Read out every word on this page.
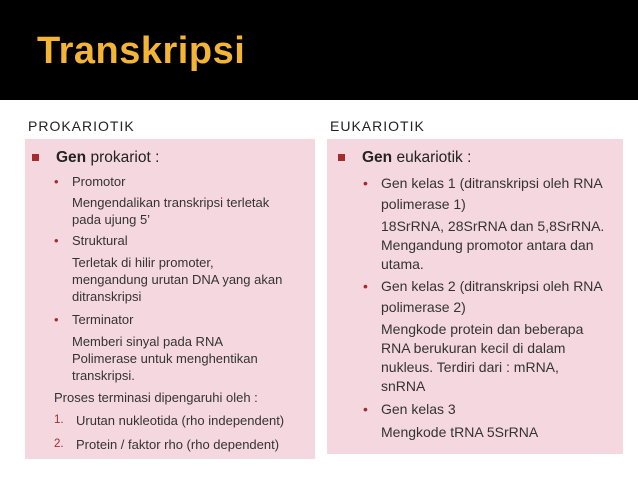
Transkripsi
PROKARIOTIK	EUKARIOTIK
Gen prokariot :
• Promotor
Mengendalikan transkripsi terletak
pada ujung 5’
• Struktural
Terletak di hilir promoter,
mengandung urutan DNA yang akan
ditranskripsi
• Terminator
Memberi sinyal pada RNA
Polimerase untuk menghentikan
transkripsi.
Proses terminasi dipengaruhi oleh :
1. Urutan nukleotida (rho independent)
2. Protein / faktor rho (rho dependent)
Gen eukariotik :
• Gen kelas 1 (ditranskripsi oleh RNA
polimerase 1)
18SrRNA, 28SrRNA dan 5,8SrRNA.
Mengandung promotor antara dan
utama.
• Gen kelas 2 (ditranskripsi oleh RNA
polimerase 2)
Mengkode protein dan beberapa
RNA berukuran kecil di dalam
nukleus. Terdiri dari : mRNA,
snRNA
• Gen kelas 3
Mengkode tRNA 5SrRNA
